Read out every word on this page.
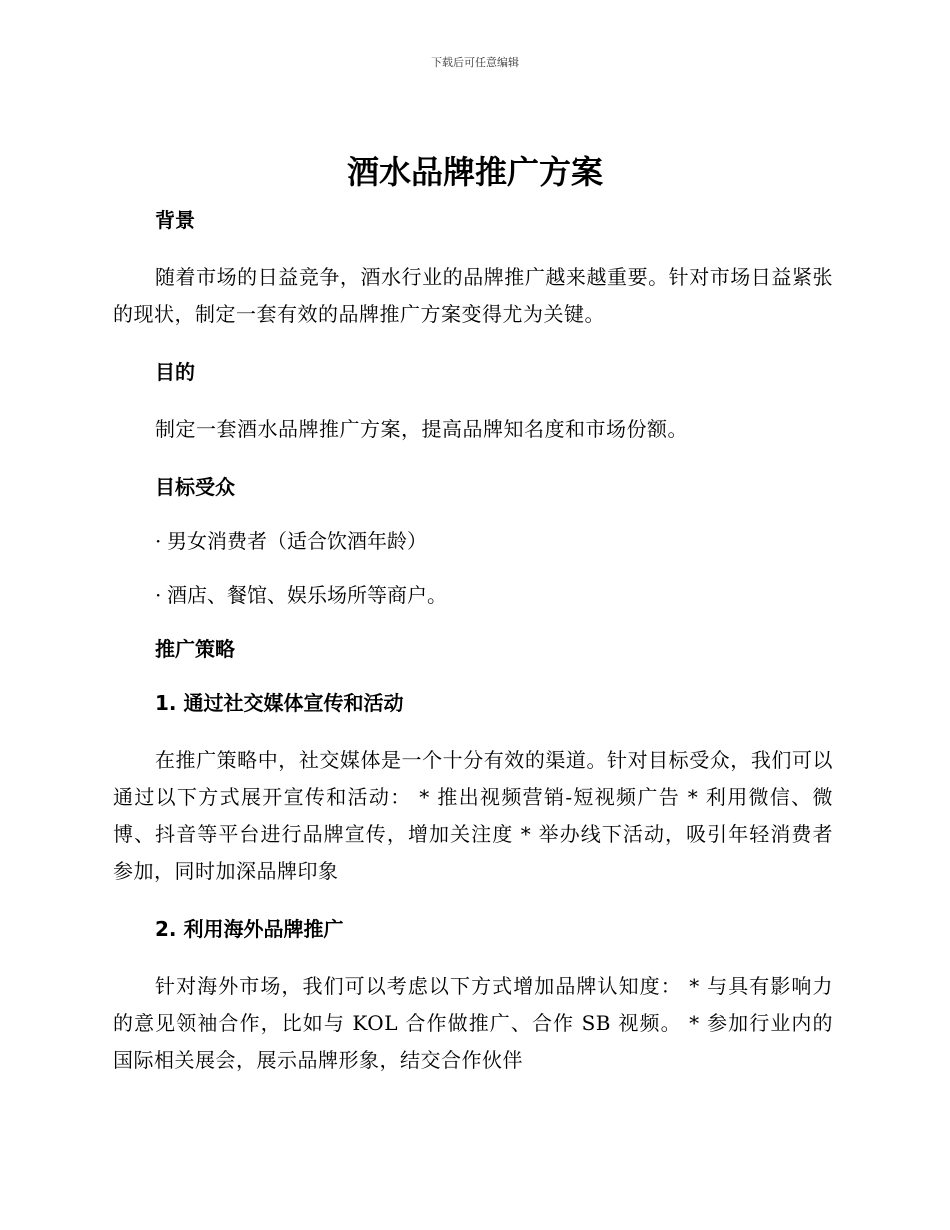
下载后可任意编辑
酒水品牌推广方案
背景

随着市场的日益竞争，酒水行业的品牌推广越来越重要。针对市场日益紧张的现状，制定一套有效的品牌推广方案变得尤为关键。

目的

制定一套酒水品牌推广方案，提高品牌知名度和市场份额。

目标受众
· 男女消费者（适合饮酒年龄）
· 酒店、餐馆、娱乐场所等商户。
推广策略
1. 通过社交媒体宣传和活动

在推广策略中，社交媒体是一个十分有效的渠道。针对目标受众，我们可以通过以下方式展开宣传和活动： * 推出视频营销-短视频广告 * 利用微信、微博、抖音等平台进行品牌宣传，增加关注度 * 举办线下活动，吸引年轻消费者参加，同时加深品牌印象

2. 利用海外品牌推广

针对海外市场，我们可以考虑以下方式增加品牌认知度： * 与具有影响力的意见领袖合作，比如与 KOL 合作做推广、合作 SB 视频。 * 参加行业内的国际相关展会，展示品牌形象，结交合作伙伴
